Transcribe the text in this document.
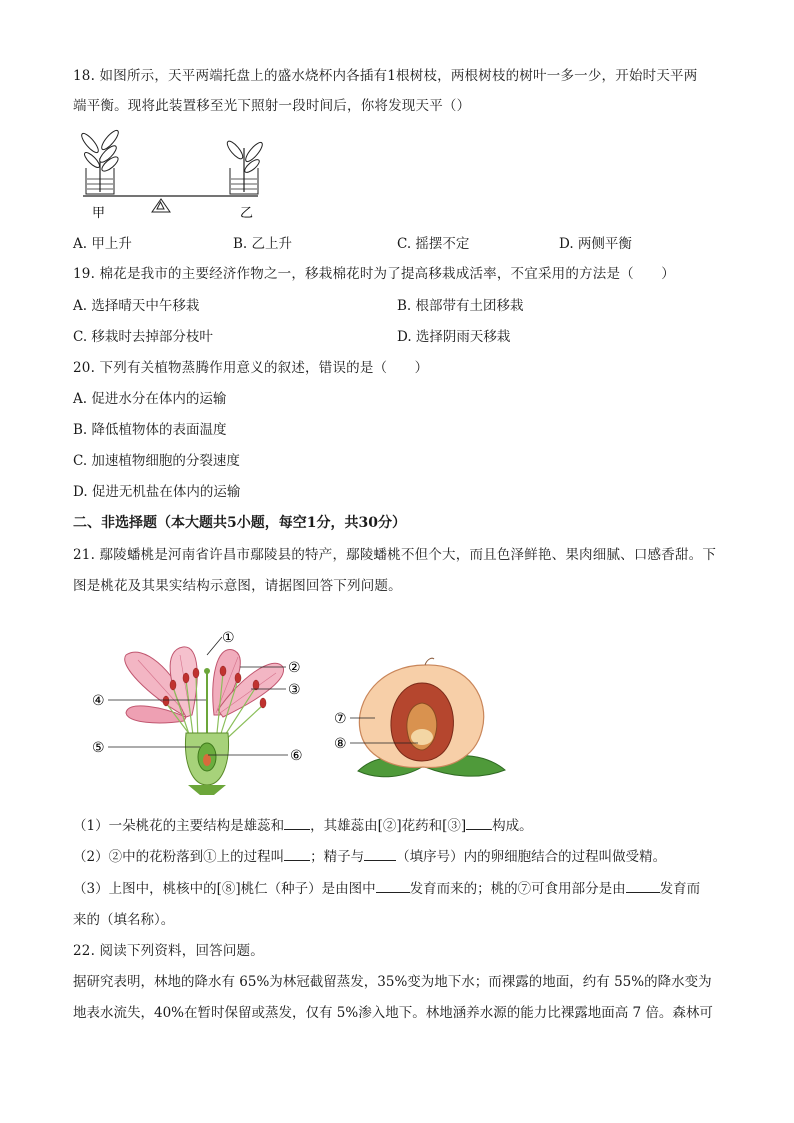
18. 如图所示，天平两端托盘上的盛水烧杯内各插有1根树枝，两根树枝的树叶一多一少，开始时天平两
端平衡。现将此装置移至光下照射一段时间后，你将发现天平（）
甲	乙
A. 甲上升	B. 乙上升	C. 摇摆不定	D. 两侧平衡
19. 棉花是我市的主要经济作物之一，移栽棉花时为了提高移栽成活率，不宜采用的方法是（　　）
A. 选择晴天中午移栽	B. 根部带有土团移栽
C. 移栽时去掉部分枝叶	D. 选择阴雨天移栽
20. 下列有关植物蒸腾作用意义的叙述，错误的是（　　）
A. 促进水分在体内的运输
B. 降低植物体的表面温度
C. 加速植物细胞的分裂速度
D. 促进无机盐在体内的运输
二、非选择题（本大题共5小题，每空1分，共30分）
21. 鄢陵蟠桃是河南省许昌市鄢陵县的特产，鄢陵蟠桃不但个大，而且色泽鲜艳、果肉细腻、口感香甜。下
图是桃花及其果实结构示意图，请据图回答下列问题。
①
②
③
④
⑤	⑥
⑦
⑧
（1）一朵桃花的主要结构是雄蕊和 ，其雄蕊由[②]花药和[③] 构成。
（2）②中的花粉落到①上的过程叫 ；精子与 （填序号）内的卵细胞结合的过程叫做受精。
（3）上图中，桃核中的[⑧]桃仁（种子）是由图中	发育而来的；桃的⑦可食用部分是由	发育而
来的（填名称）。
22. 阅读下列资料，回答问题。
据研究表明，林地的降水有 65%为林冠截留蒸发，35%变为地下水；而裸露的地面，约有 55%的降水变为
地表水流失，40%在暂时保留或蒸发，仅有 5%渗入地下。林地涵养水源的能力比裸露地面高 7 倍。森林可
